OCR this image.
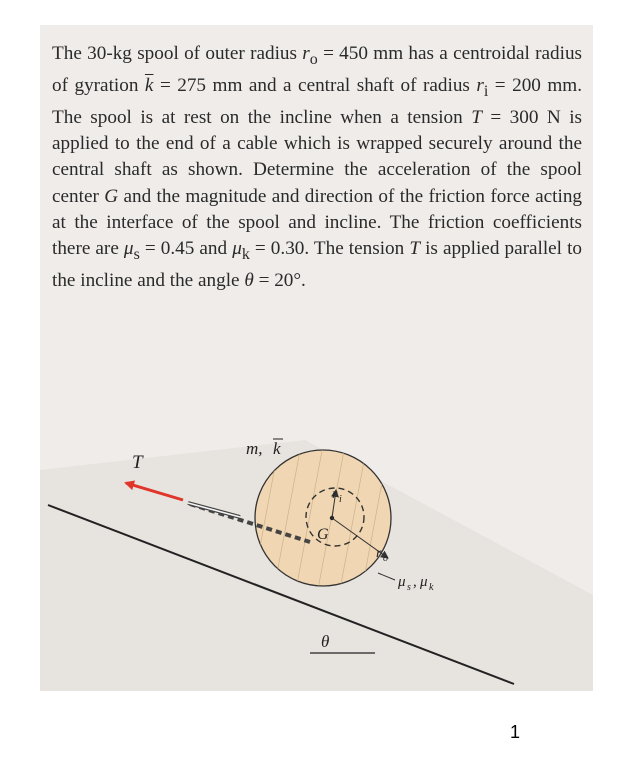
The 30-kg spool of outer radius $r_o = 450$ mm has a centroidal radius of gyration $\overline{k} = 275$ mm and a central shaft of radius $r_i = 200$ mm. The spool is at rest on the incline when a tension T = 300 N is applied to the end of a cable which is wrapped securely around the central shaft as shown. Determine the acceleration of the spool center G and the magnitude and direction of the friction force acting at the interface of the spool and incline. The friction coefficients there are $\mu_s = 0.45$ and $\mu_k = 0.30$. The tension T is applied parallel to the incline and the angle θ = 20°.

T
m, k
r i
G
r o
μ s , μ k
θ
1
